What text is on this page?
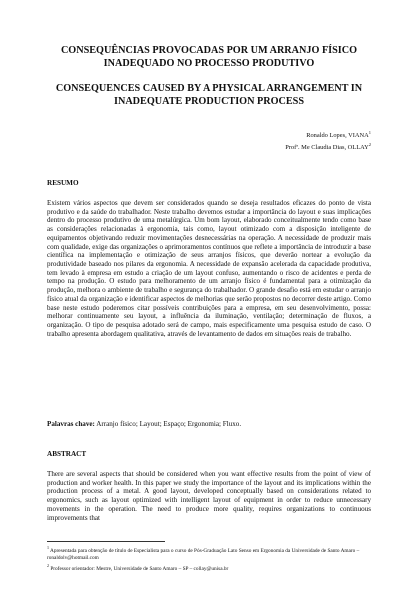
CONSEQUÊNCIAS PROVOCADAS POR UM ARRANJO FÍSICO INADEQUADO NO PROCESSO PRODUTIVO
CONSEQUENCES CAUSED BY A PHYSICAL ARRANGEMENT IN INADEQUATE PRODUCTION PROCESS
Ronaldo Lopes, VIANA$^1$
Profª. Me Claudia Dias, OLLAY$^2$
RESUMO
Existem vários aspectos que devem ser considerados quando se deseja resultados eficazes do ponto de vista produtivo e da saúde do trabalhador. Neste trabalho devemos estudar a importância do layout e suas implicações dentro do processo produtivo de uma metalúrgica. Um bom layout, elaborado conceitualmente tendo como base as considerações relacionadas à ergonomia, tais como, layout otimizado com a disposição inteligente de equipamentos objetivando reduzir movimentações desnecessárias na operação. A necessidade de produzir mais com qualidade, exige das organizações o aprimoramentos contínuos que reflete a importância de introduzir a base científica na implementação e otimização de seus arranjos físicos, que deverão nortear a evolução da produtividade baseado nos pilares da ergonomia. A necessidade de expansão acelerada da capacidade produtiva, tem levado à empresa em estudo a criação de um layout confuso, aumentando o risco de acidentes e perda de tempo na produção. O estudo para melhoramento de um arranjo físico é fundamental para a otimização da produção, melhora o ambiente de trabalho e segurança do trabalhador. O grande desafio está em estudar o arranjo físico atual da organização e identificar aspectos de melhorias que serão propostos no decorrer deste artigo. Como base neste estudo poderemos citar possíveis contribuições para a empresa, em seu desenvolvimento, possa: melhorar continuamente seu layout, a influência da iluminação, ventilação; determinação de fluxos, a organização. O tipo de pesquisa adotado será de campo, mais especificamente uma pesquisa estudo de caso. O trabalho apresenta abordagem qualitativa, através de levantamento de dados em situações reais de trabalho.
Palavras chave: Arranjo físico; Layout; Espaço; Ergonomia; Fluxo.
ABSTRACT
There are several aspects that should be considered when you want effective results from the point of view of production and worker health. In this paper we study the importance of the layout and its implications within the production process of a metal. A good layout, developed conceptually based on considerations related to ergonomics, such as layout optimized with intelligent layout of equipment in order to reduce unnecessary movements in the operation. The need to produce more quality, requires organizations to continuous improvements that
$^1$ Apresentada para obtenção de título de Especialista para o curso de Pós-Graduação Lato Senso em Ergonomia da Universidade de Santo Amaro – ronaldolv@hotmail.com
$^2$ Professor orientador: Mestre, Universidade de Santo Amaro – SP – collay@unisa.br
